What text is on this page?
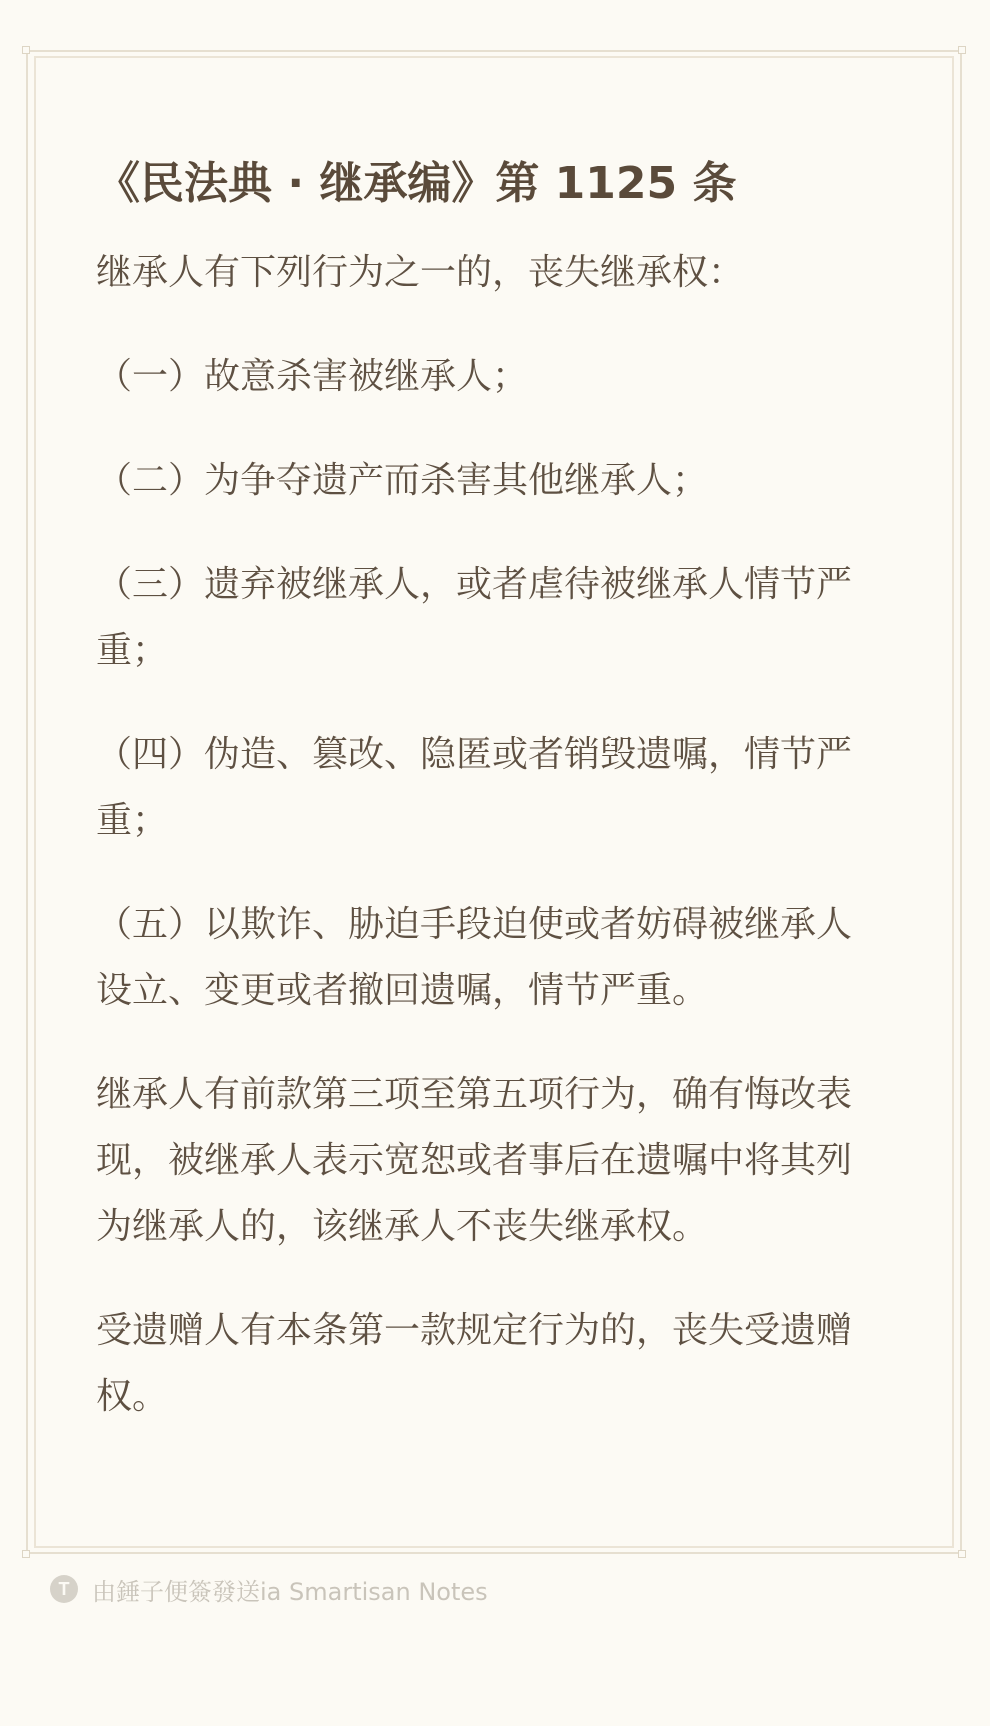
《民法典 · 继承编》第 1125 条

继承人有下列行为之一的，丧失继承权：

（一）故意杀害被继承人；

（二）为争夺遗产而杀害其他继承人；

（三）遗弃被继承人，或者虐待被继承人情节严重；

（四）伪造、篡改、隐匿或者销毁遗嘱，情节严重；

（五）以欺诈、胁迫手段迫使或者妨碍被继承人设立、变更或者撤回遗嘱，情节严重。

继承人有前款第三项至第五项行为，确有悔改表现，被继承人表示宽恕或者事后在遗嘱中将其列为继承人的，该继承人不丧失继承权。

受遗赠人有本条第一款规定行为的，丧失受遗赠权。

T 由錘子便簽發送ia Smartisan Notes
